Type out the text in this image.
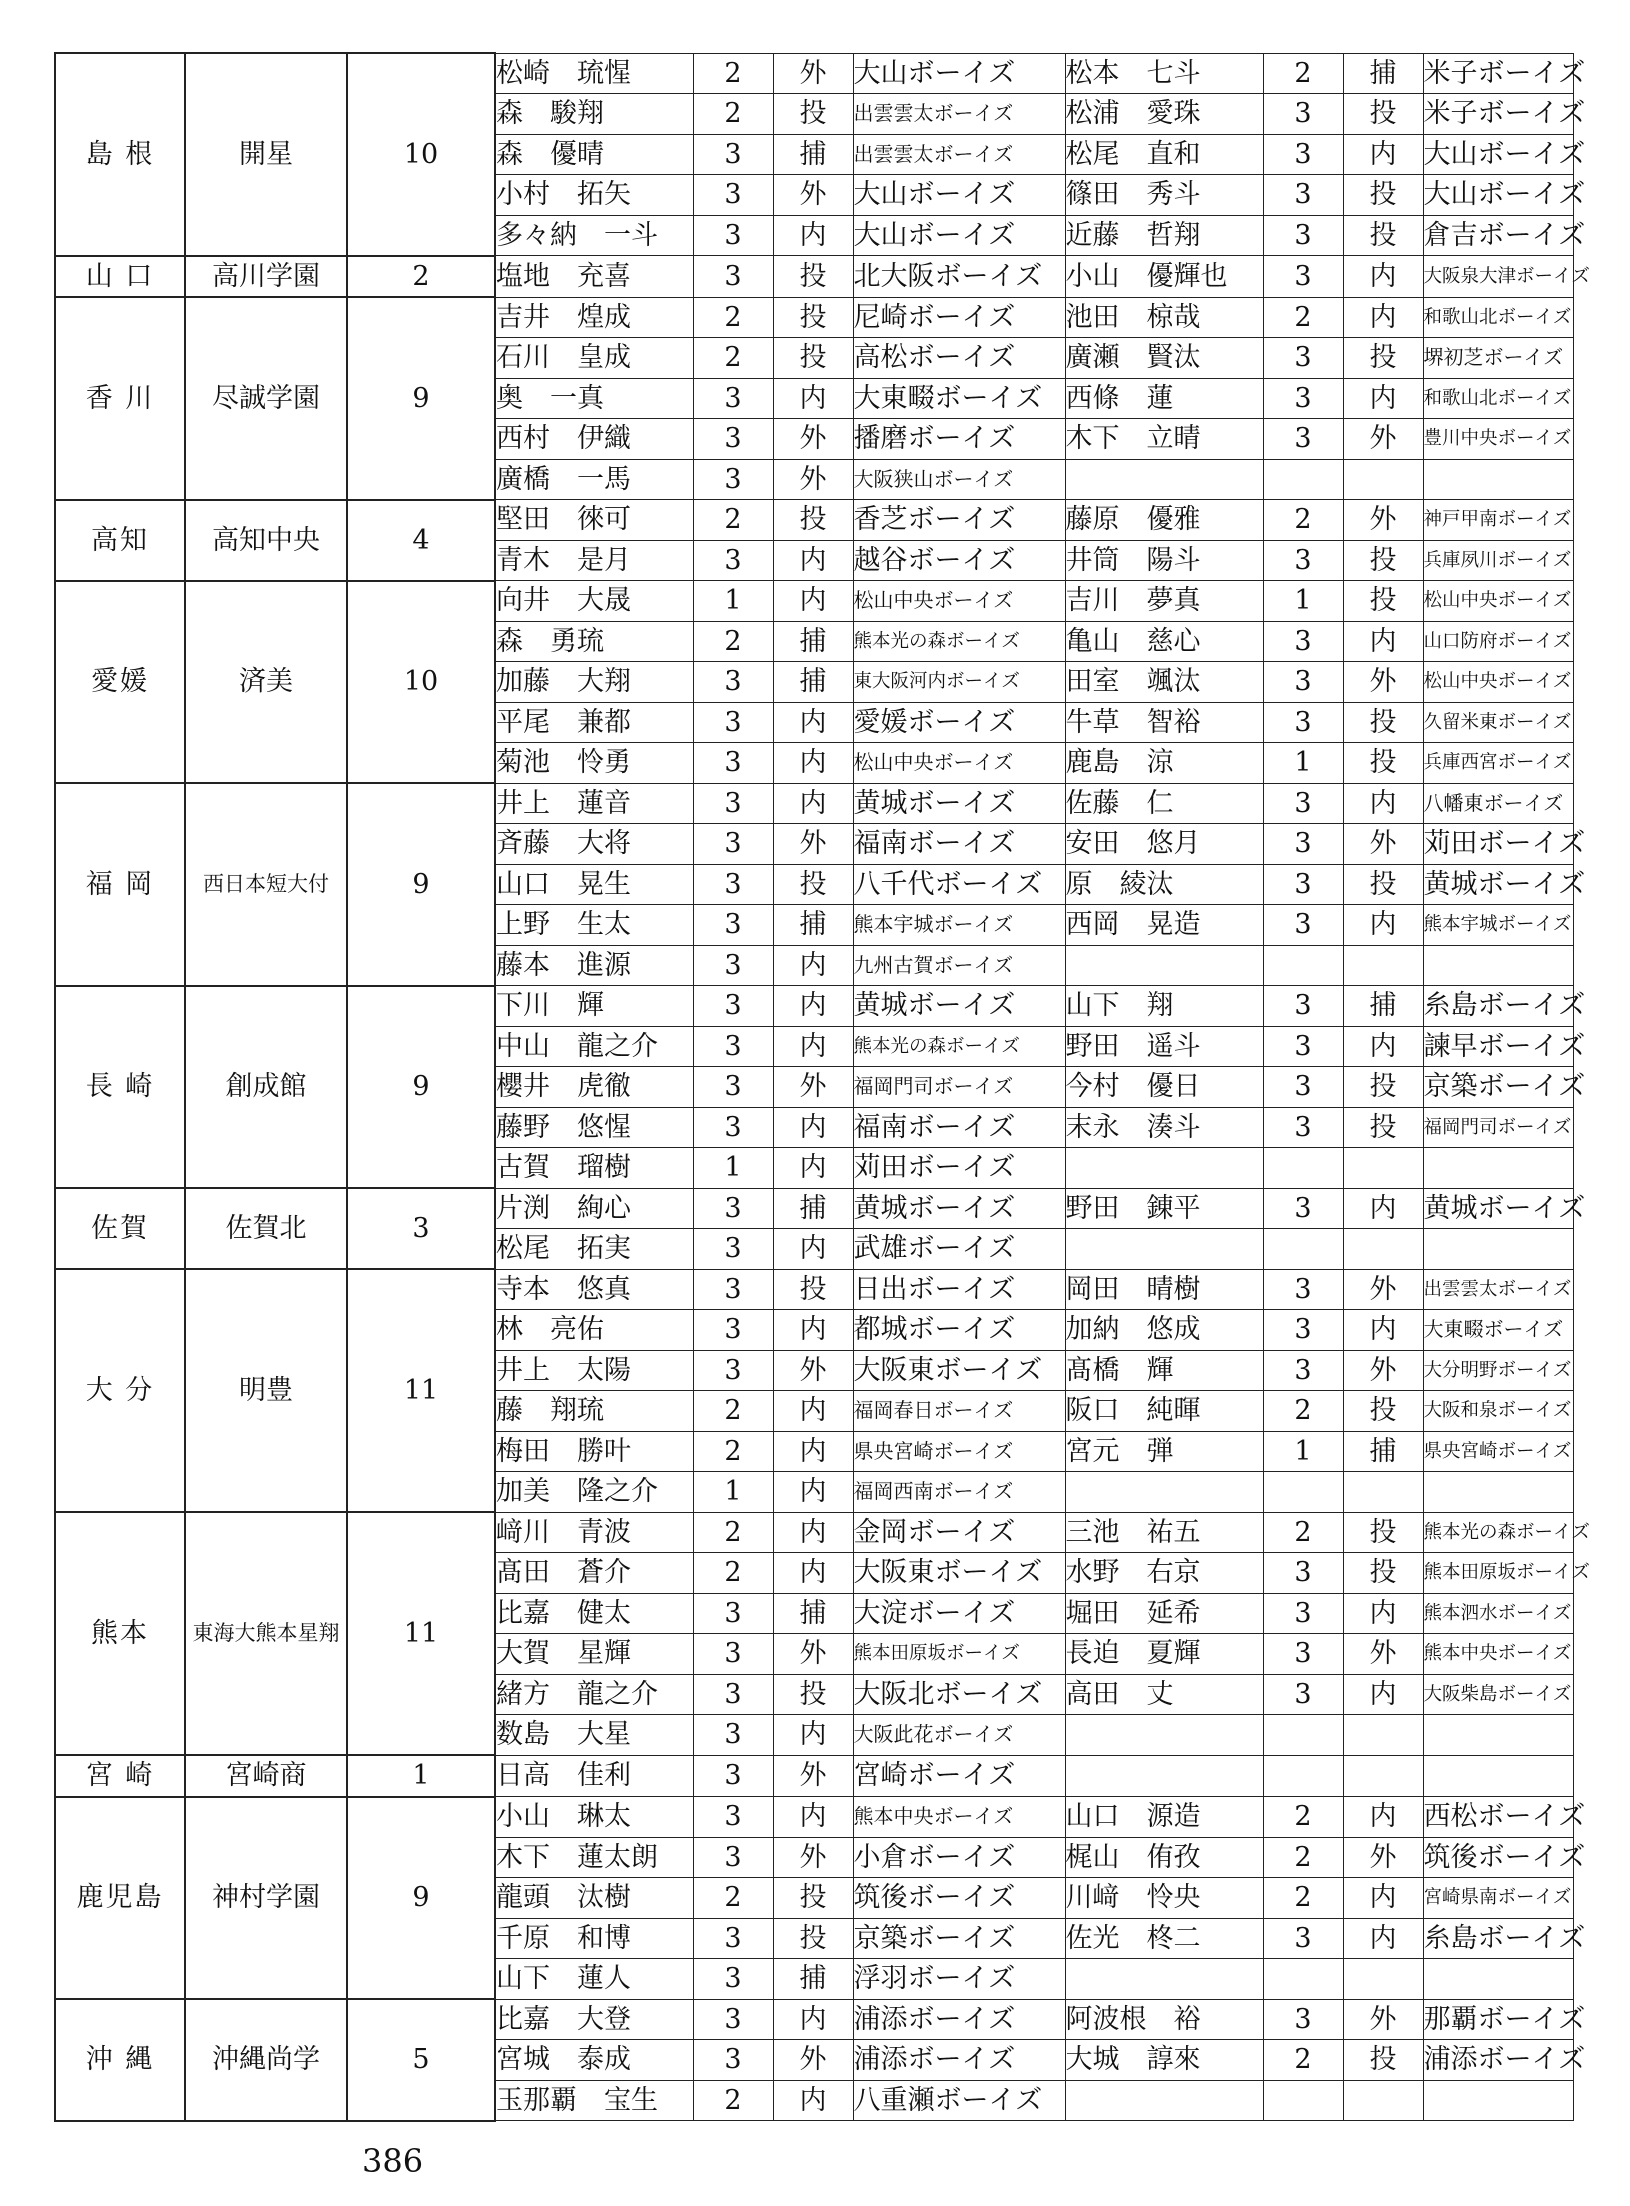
島 根	開星	10	松崎　琉惺	2	外	大山ボーイズ	松本　七斗	2	捕	米子ボーイズ
			森　駿翔	2	投	出雲雲太ボーイズ	松浦　愛珠	3	投	米子ボーイズ
			森　優晴	3	捕	出雲雲太ボーイズ	松尾　直和	3	内	大山ボーイズ
			小村　拓矢	3	外	大山ボーイズ	篠田　秀斗	3	投	大山ボーイズ
			多々納　一斗	3	内	大山ボーイズ	近藤　哲翔	3	投	倉吉ボーイズ
山 口	高川学園	2	塩地　充喜	3	投	北大阪ボーイズ	小山　優輝也	3	内	大阪泉大津ボーイズ
香 川	尽誠学園	9	吉井　煌成	2	投	尼崎ボーイズ	池田　椋哉	2	内	和歌山北ボーイズ
			石川　皇成	2	投	高松ボーイズ	廣瀬　賢汰	3	投	堺初芝ボーイズ
			奥　一真	3	内	大東畷ボーイズ	西條　蓮	3	内	和歌山北ボーイズ
			西村　伊織	3	外	播磨ボーイズ	木下　立晴	3	外	豊川中央ボーイズ
			廣橋　一馬	3	外	大阪狭山ボーイズ				
高知	高知中央	4	堅田　徠可	2	投	香芝ボーイズ	藤原　優雅	2	外	神戸甲南ボーイズ
			青木　是月	3	内	越谷ボーイズ	井筒　陽斗	3	投	兵庫夙川ボーイズ
愛媛	済美	10	向井　大晟	1	内	松山中央ボーイズ	吉川　夢真	1	投	松山中央ボーイズ
			森　勇琉	2	捕	熊本光の森ボーイズ	亀山　慈心	3	内	山口防府ボーイズ
			加藤　大翔	3	捕	東大阪河内ボーイズ	田室　颯汰	3	外	松山中央ボーイズ
			平尾　兼都	3	内	愛媛ボーイズ	牛草　智裕	3	投	久留米東ボーイズ
			菊池　怜勇	3	内	松山中央ボーイズ	鹿島　涼	1	投	兵庫西宮ボーイズ
福 岡	西日本短大付	9	井上　蓮音	3	内	黄城ボーイズ	佐藤　仁	3	内	八幡東ボーイズ
			斉藤　大将	3	外	福南ボーイズ	安田　悠月	3	外	苅田ボーイズ
			山口　晃生	3	投	八千代ボーイズ	原　綾汰	3	投	黄城ボーイズ
			上野　生太	3	捕	熊本宇城ボーイズ	西岡　晃造	3	内	熊本宇城ボーイズ
			藤本　進源	3	内	九州古賀ボーイズ				
長 崎	創成館	9	下川　輝	3	内	黄城ボーイズ	山下　翔	3	捕	糸島ボーイズ
			中山　龍之介	3	内	熊本光の森ボーイズ	野田　遥斗	3	内	諫早ボーイズ
			櫻井　虎徹	3	外	福岡門司ボーイズ	今村　優日	3	投	京築ボーイズ
			藤野　悠惺	3	内	福南ボーイズ	末永　湊斗	3	投	福岡門司ボーイズ
			古賀　瑠樹	1	内	苅田ボーイズ				
佐賀	佐賀北	3	片渕　絢心	3	捕	黄城ボーイズ	野田　錬平	3	内	黄城ボーイズ
			松尾　拓実	3	内	武雄ボーイズ				
大 分	明豊	11	寺本　悠真	3	投	日出ボーイズ	岡田　晴樹	3	外	出雲雲太ボーイズ
			林　亮佑	3	内	都城ボーイズ	加納　悠成	3	内	大東畷ボーイズ
			井上　太陽	3	外	大阪東ボーイズ	髙橋　輝	3	外	大分明野ボーイズ
			藤　翔琉	2	内	福岡春日ボーイズ	阪口　純暉	2	投	大阪和泉ボーイズ
			梅田　勝叶	2	内	県央宮崎ボーイズ	宮元　弾	1	捕	県央宮崎ボーイズ
			加美　隆之介	1	内	福岡西南ボーイズ				
熊本	東海大熊本星翔	11	﨑川　青波	2	内	金岡ボーイズ	三池　祐五	2	投	熊本光の森ボーイズ
			髙田　蒼介	2	内	大阪東ボーイズ	水野　右京	3	投	熊本田原坂ボーイズ
			比嘉　健太	3	捕	大淀ボーイズ	堀田　延希	3	内	熊本泗水ボーイズ
			大賀　星輝	3	外	熊本田原坂ボーイズ	長迫　夏輝	3	外	熊本中央ボーイズ
			緒方　龍之介	3	投	大阪北ボーイズ	高田　丈	3	内	大阪柴島ボーイズ
			数島　大星	3	内	大阪此花ボーイズ				
宮 崎	宮崎商	1	日高　佳利	3	外	宮崎ボーイズ				
鹿児島	神村学園	9	小山　琳太	3	内	熊本中央ボーイズ	山口　源造	2	内	西松ボーイズ
			木下　蓮太朗	3	外	小倉ボーイズ	梶山　侑孜	2	外	筑後ボーイズ
			龍頭　汰樹	2	投	筑後ボーイズ	川﨑　怜央	2	内	宮崎県南ボーイズ
			千原　和博	3	投	京築ボーイズ	佐光　柊二	3	内	糸島ボーイズ
			山下　蓮人	3	捕	浮羽ボーイズ				
沖 縄	沖縄尚学	5	比嘉　大登	3	内	浦添ボーイズ	阿波根　裕	3	外	那覇ボーイズ
			宮城　泰成	3	外	浦添ボーイズ	大城　諄來	2	投	浦添ボーイズ
			玉那覇　宝生	2	内	八重瀬ボーイズ				
386
